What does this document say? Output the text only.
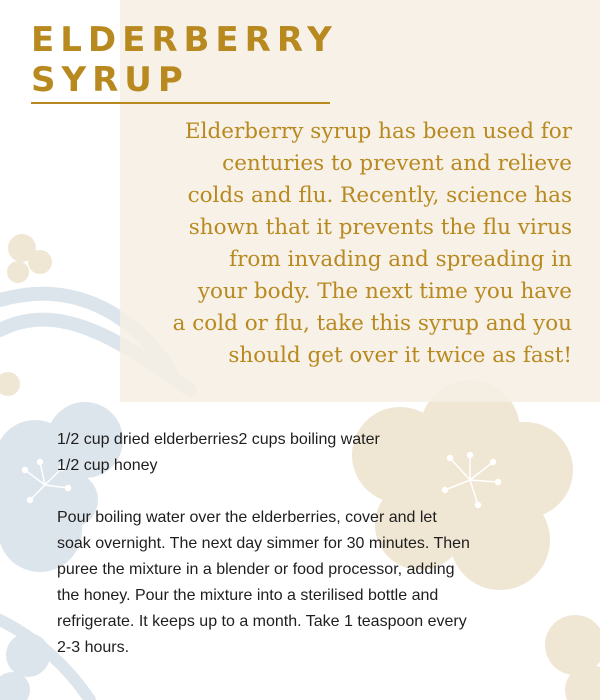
ELDERBERRY
SYRUP

Elderberry syrup has been used for
centuries to prevent and relieve
colds and flu. Recently, science has
shown that it prevents the flu virus
from invading and spreading in
your body. The next time you have
a cold or flu, take this syrup and you
should get over it twice as fast!

1/2 cup dried elderberries2 cups boiling water
1/2 cup honey
Pour boiling water over the elderberries, cover and let
soak overnight. The next day simmer for 30 minutes. Then
puree the mixture in a blender or food processor, adding
the honey. Pour the mixture into a sterilised bottle and
refrigerate. It keeps up to a month. Take 1 teaspoon every
2-3 hours.
